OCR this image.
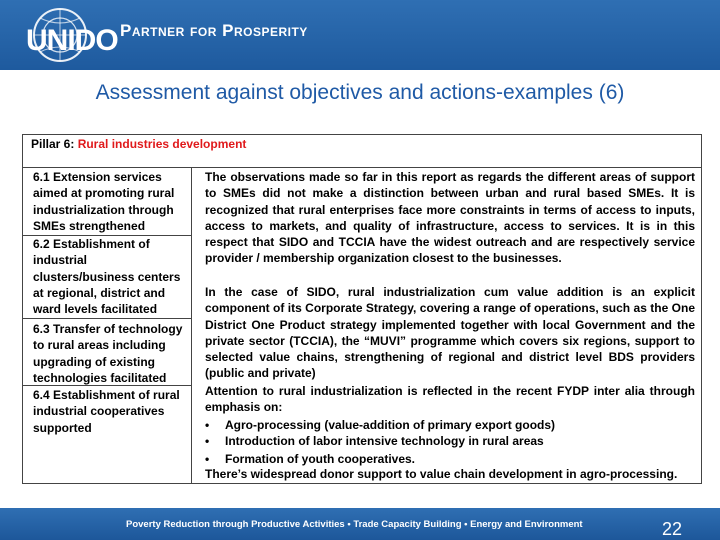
UNIDO Partner for Prosperity
Assessment against objectives and actions-examples (6)
Pillar 6: Rural industries development
6.1 Extension services aimed at promoting rural industrialization through SMEs strengthened
6.2 Establishment of industrial clusters/business centers at regional, district and ward levels facilitated
6.3 Transfer of technology to rural areas including upgrading of existing technologies facilitated
6.4 Establishment of rural industrial cooperatives supported
The observations made so far in this report as regards the different areas of support to SMEs did not make a distinction between urban and rural based SMEs. It is recognized that rural enterprises face more constraints in terms of access to inputs, access to markets, and quality of infrastructure, access to services. It is in this respect that SIDO and TCCIA have the widest outreach and are respectively service provider / membership organization closest to the businesses.
In the case of SIDO, rural industrialization cum value addition is an explicit component of its Corporate Strategy, covering a range of operations, such as the One District One Product strategy implemented together with local Government and the private sector (TCCIA), the “MUVI” programme which covers six regions, support to selected value chains, strengthening of regional and district level BDS providers (public and private)
Attention to rural industrialization is reflected in the recent FYDP inter alia through emphasis on:
• Agro-processing (value-addition of primary export goods)
• Introduction of labor intensive technology in rural areas
• Formation of youth cooperatives.
There’s widespread donor support to value chain development in agro-processing.
Poverty Reduction through Productive Activities • Trade Capacity Building • Energy and Environment	22
